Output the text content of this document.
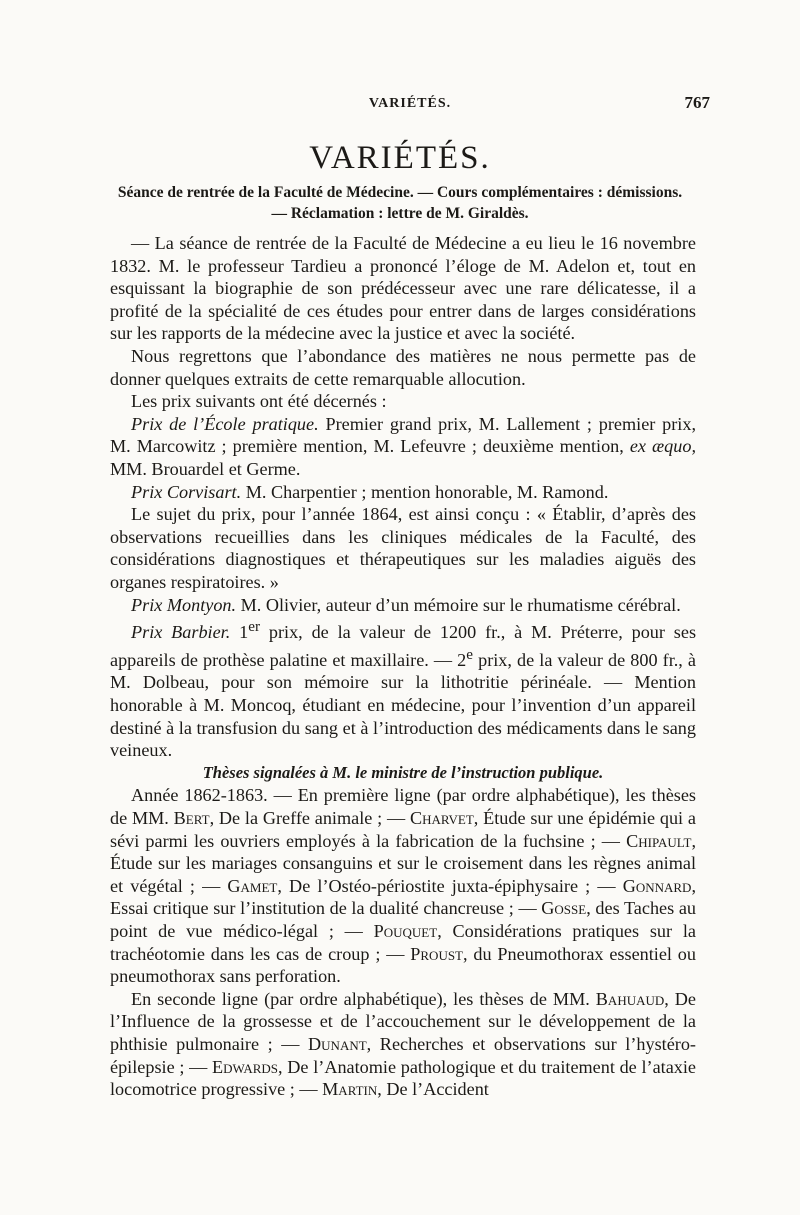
VARIÉTÉS.	767
VARIÉTÉS.
Séance de rentrée de la Faculté de Médecine. — Cours complémentaires : démissions. — Réclamation : lettre de M. Giraldès.

— La séance de rentrée de la Faculté de Médecine a eu lieu le 16 novembre 1832. M. le professeur Tardieu a prononcé l’éloge de M. Adelon et, tout en esquissant la biographie de son prédécesseur avec une rare délicatesse, il a profité de la spécialité de ces études pour entrer dans de larges considérations sur les rapports de la médecine avec la justice et avec la société.

Nous regrettons que l’abondance des matières ne nous permette pas de donner quelques extraits de cette remarquable allocution.

Les prix suivants ont été décernés :

Prix de l’École pratique. Premier grand prix, M. Lallement ; premier prix, M. Marcowitz ; première mention, M. Lefeuvre ; deuxième mention, ex æquo, MM. Brouardel et Germe.

Prix Corvisart. M. Charpentier ; mention honorable, M. Ramond.

Le sujet du prix, pour l’année 1864, est ainsi conçu : « Établir, d’après des observations recueillies dans les cliniques médicales de la Faculté, des considérations diagnostiques et thérapeutiques sur les maladies aiguës des organes respiratoires. »

Prix Montyon. M. Olivier, auteur d’un mémoire sur le rhumatisme cérébral.

Prix Barbier. 1er prix, de la valeur de 1200 fr., à M. Préterre, pour ses appareils de prothèse palatine et maxillaire. — 2e prix, de la valeur de 800 fr., à M. Dolbeau, pour son mémoire sur la lithotritie périnéale. — Mention honorable à M. Moncoq, étudiant en médecine, pour l’invention d’un appareil destiné à la transfusion du sang et à l’introduction des médicaments dans le sang veineux.

Thèses signalées à M. le ministre de l’instruction publique.

Année 1862-1863. — En première ligne (par ordre alphabétique), les thèses de MM. Bert, De la Greffe animale ; — Charvet, Étude sur une épidémie qui a sévi parmi les ouvriers employés à la fabrication de la fuchsine ; — Chipault, Étude sur les mariages consanguins et sur le croisement dans les règnes animal et végétal ; — Gamet, De l’Ostéo-périostite juxta-épiphysaire ; — Gonnard, Essai critique sur l’institution de la dualité chancreuse ; — Gosse, des Taches au point de vue médico-légal ; — Pouquet, Considérations pratiques sur la trachéotomie dans les cas de croup ; — Proust, du Pneumothorax essentiel ou pneumothorax sans perforation.

En seconde ligne (par ordre alphabétique), les thèses de MM. Bahuaud, De l’Influence de la grossesse et de l’accouchement sur le développement de la phthisie pulmonaire ; — Dunant, Recherches et observations sur l’hystéro-épilepsie ; — Edwards, De l’Anatomie pathologique et du traitement de l’ataxie locomotrice progressive ; — Martin, De l’Accident
